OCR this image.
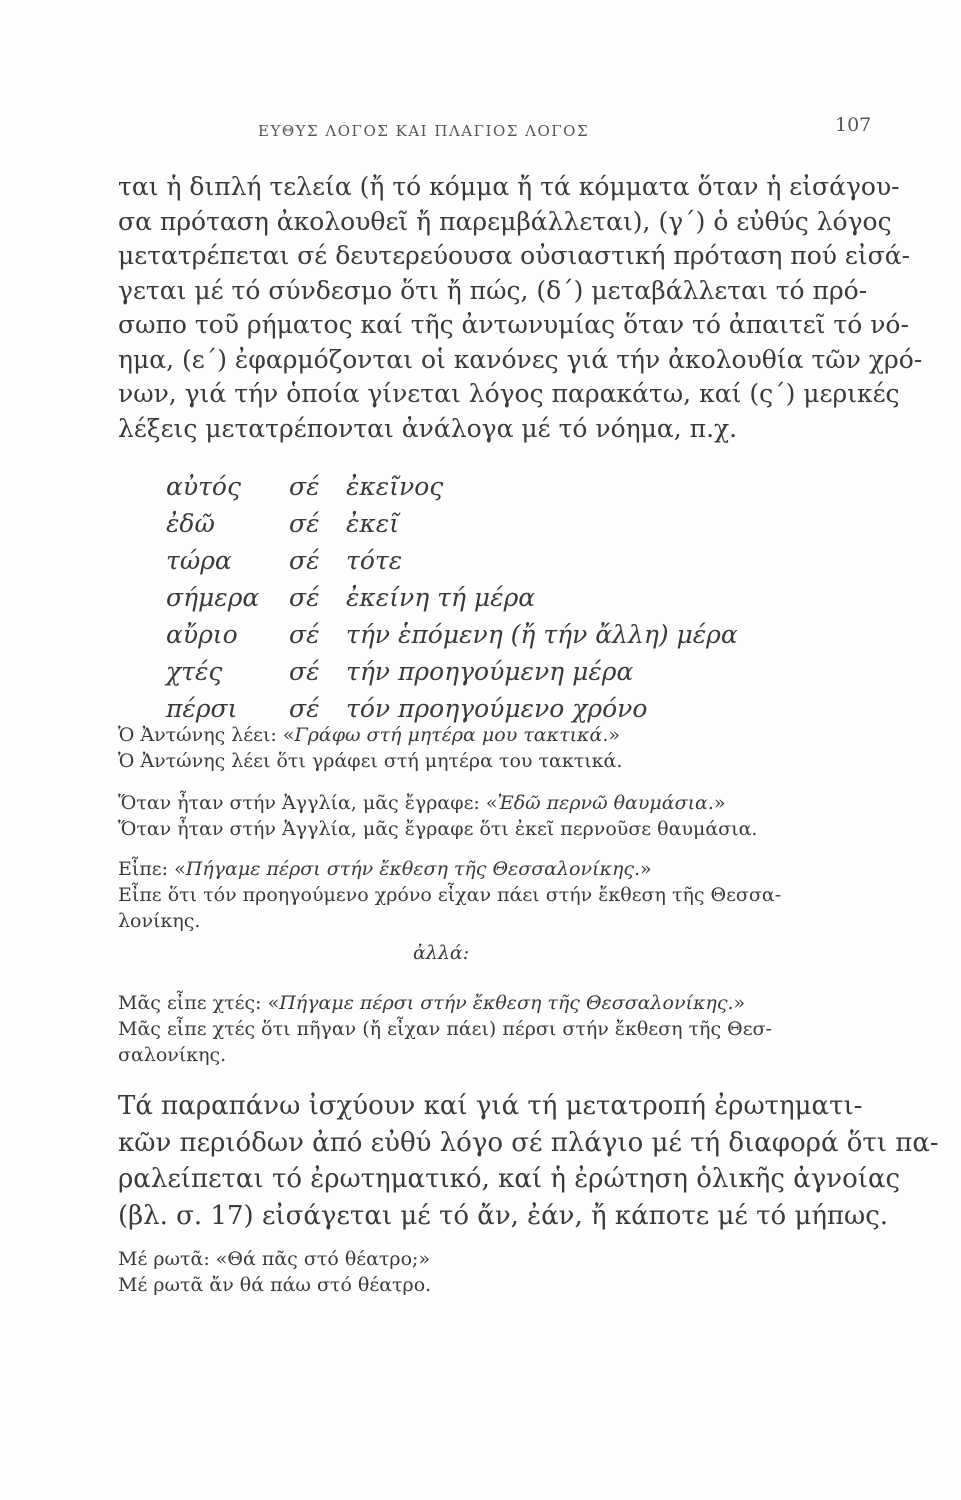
ΕΥΘΥΣ ΛΟΓΟΣ ΚΑΙ ΠΛΑΓΙΟΣ ΛΟΓΟΣ	107
ται ἡ διπλή τελεία (ἤ τό κόμμα ἤ τά κόμματα ὅταν ἡ εἰσάγου-
σα πρόταση ἀκολουθεῖ ἤ παρεμβάλλεται), (γ΄) ὁ εὐθύς λόγος
μετατρέπεται σέ δευτερεύουσα οὐσιαστική πρόταση πού εἰσά-
γεται μέ τό σύνδεσμο ὅτι ἤ πώς, (δ΄) μεταβάλλεται τό πρό-
σωπο τοῦ ρήματος καί τῆς ἀντωνυμίας ὅταν τό ἀπαιτεῖ τό νό-
ημα, (ε΄) ἐφαρμόζονται οἱ κανόνες γιά τήν ἀκολουθία τῶν χρό-
νων, γιά τήν ὁποία γίνεται λόγος παρακάτω, καί (ς΄) μερικές
λέξεις μετατρέπονται ἀνάλογα μέ τό νόημα, π.χ.
αὐτός σέ ἐκεῖνος
ἐδῶ	σέ ἐκεῖ
τώρα σέ τότε
σήμερα σέ ἐκείνη τή μέρα
αὔριο σέ τήν ἑπόμενη (ἤ τήν ἄλλη) μέρα
χτές	σέ τήν προηγούμενη μέρα
πέρσι σέ τόν προηγούμενο χρόνο
Ὁ Ἀντώνης λέει: «Γράφω στή μητέρα μου τακτικά.»
Ὁ Ἀντώνης λέει ὅτι γράφει στή μητέρα του τακτικά.
Ὅταν ἦταν στήν Ἀγγλία, μᾶς ἔγραφε: «Ἐδῶ περνῶ θαυμάσια.»
Ὅταν ἦταν στήν Ἀγγλία, μᾶς ἔγραφε ὅτι ἐκεῖ περνοῦσε θαυμάσια.
Εἶπε: «Πήγαμε πέρσι στήν ἔκθεση τῆς Θεσσαλονίκης.»
Εἶπε ὅτι τόν προηγούμενο χρόνο εἶχαν πάει στήν ἔκθεση τῆς Θεσσα-
λονίκης.
ἀλλά:
Μᾶς εἶπε χτές: «Πήγαμε πέρσι στήν ἔκθεση τῆς Θεσσαλονίκης.»
Μᾶς εἶπε χτές ὅτι πῆγαν (ἤ εἶχαν πάει) πέρσι στήν ἔκθεση τῆς Θεσ-
σαλονίκης.
Τά παραπάνω ἰσχύουν καί γιά τή μετατροπή ἐρωτηματι-
κῶν περιόδων ἀπό εὐθύ λόγο σέ πλάγιο μέ τή διαφορά ὅτι πα-
ραλείπεται τό ἐρωτηματικό, καί ἡ ἐρώτηση ὁλικῆς ἀγνοίας
(βλ. σ. 17) εἰσάγεται μέ τό ἄν, ἐάν, ἤ κάποτε μέ τό μήπως.
Μέ ρωτᾶ: «Θά πᾶς στό θέατρο;»
Μέ ρωτᾶ ἄν θά πάω στό θέατρο.
